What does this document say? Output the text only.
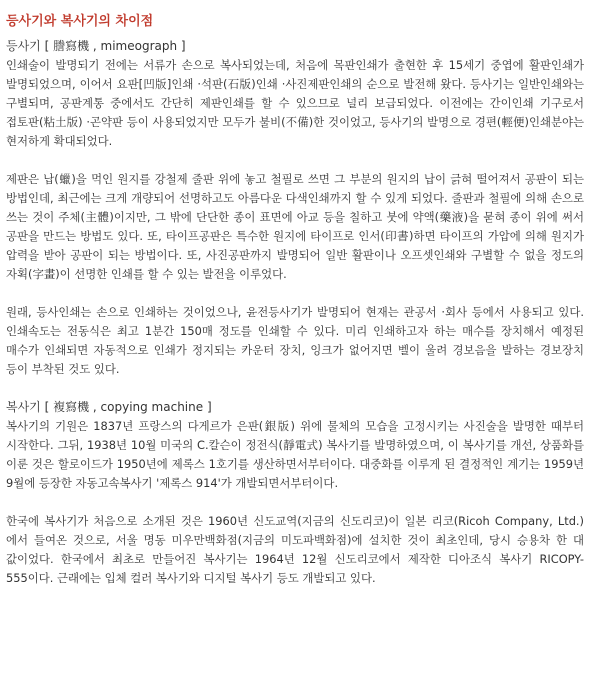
등사기와 복사기의 차이점
등사기 [ 謄寫機 , mimeograph ]

인쇄술이 발명되기 전에는 서류가 손으로 복사되었는데, 처음에 목판인쇄가 출현한 후 15세기 중엽에 활판인쇄가 발명되었으며, 이어서 요판[凹版]인쇄 ·석판(石版)인쇄 ·사진제판인쇄의 순으로 발전해 왔다. 등사기는 일반인쇄와는 구별되며, 공판계통 중에서도 간단히 제판인쇄를 할 수 있으므로 널리 보급되었다. 이전에는 간이인쇄 기구로서 접토판(粘土版) ·곤약판 등이 사용되었지만 모두가 불비(不備)한 것이었고, 등사기의 발명으로 경편(輕便)인쇄분야는 현저하게 확대되었다.

제판은 납(蠟)을 먹인 원지를 강철제 줄판 위에 놓고 철필로 쓰면 그 부분의 원지의 납이 긁혀 떨어져서 공판이 되는 방법인데, 최근에는 크게 개량되어 선명하고도 아름다운 다색인쇄까지 할 수 있게 되었다. 줄판과 철필에 의해 손으로 쓰는 것이 주체(主體)이지만, 그 밖에 단단한 종이 표면에 아교 등을 칠하고 붓에 약액(藥液)을 묻혀 종이 위에 써서 공판을 만드는 방법도 있다. 또, 타이프공판은 특수한 원지에 타이프로 인서(印書)하면 타이프의 가압에 의해 원지가 압력을 받아 공판이 되는 방법이다. 또, 사진공판까지 발명되어 일반 활판이나 오프셋인쇄와 구별할 수 없을 정도의 자획(字畫)이 선명한 인쇄를 할 수 있는 발전을 이루었다.

원래, 등사인쇄는 손으로 인쇄하는 것이었으나, 윤전등사기가 발명되어 현재는 관공서 ·회사 등에서 사용되고 있다. 인쇄속도는 전동식은 최고 1분간 150매 정도를 인쇄할 수 있다. 미리 인쇄하고자 하는 매수를 장치해서 예정된 매수가 인쇄되면 자동적으로 인쇄가 정지되는 카운터 장치, 잉크가 없어지면 벨이 울려 경보음을 발하는 경보장치 등이 부착된 것도 있다.

복사기 [ 複寫機 , copying machine ]

복사기의 기원은 1837년 프랑스의 다게르가 은판(銀版) 위에 물체의 모습을 고정시키는 사진술을 발명한 때부터 시작한다. 그뒤, 1938년 10월 미국의 C.칼슨이 정전식(靜電式) 복사기를 발명하였으며, 이 복사기를 개선, 상품화를 이룬 것은 할로이드가 1950년에 제록스 1호기를 생산하면서부터이다. 대중화를 이루게 된 결정적인 계기는 1959년 9월에 등장한 자동고속복사기 '제록스 914'가 개발되면서부터이다.

한국에 복사기가 처음으로 소개된 것은 1960년 신도교역(지금의 신도리코)이 일본 리코(Ricoh Company, Ltd.)에서 들여온 것으로, 서울 명동 미우만백화점(지금의 미도파백화점)에 설치한 것이 최초인데, 당시 승용차 한 대 값이었다. 한국에서 최초로 만들어진 복사기는 1964년 12월 신도리코에서 제작한 디아조식 복사기 RICOPY-555이다. 근래에는 입체 컬러 복사기와 디지털 복사기 등도 개발되고 있다.
